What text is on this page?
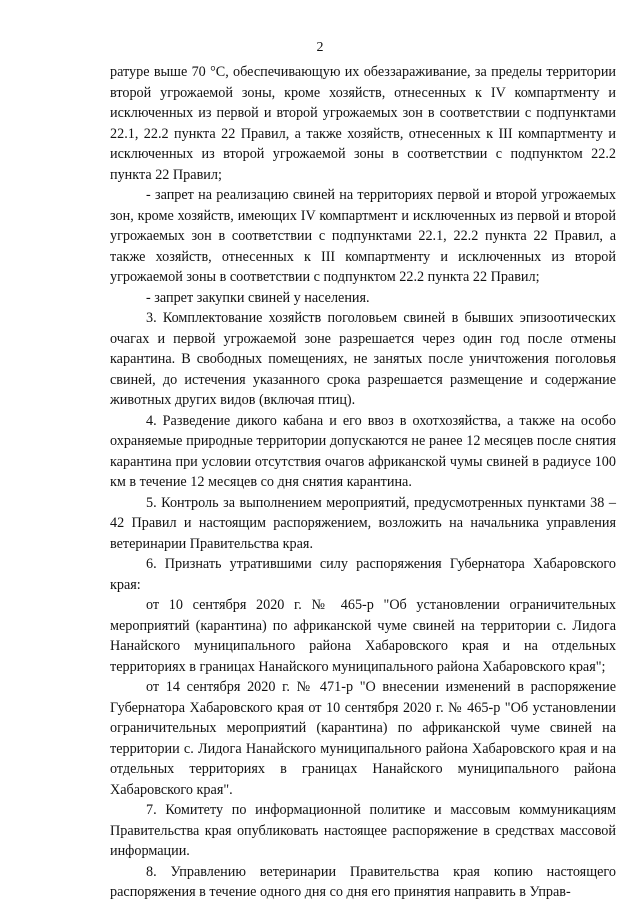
2

ратуре выше 70 °С, обеспечивающую их обеззараживание, за пределы территории второй угрожаемой зоны, кроме хозяйств, отнесенных к IV компартменту и исключенных из первой и второй угрожаемых зон в соответствии с подпунктами 22.1, 22.2 пункта 22 Правил, а также хозяйств, отнесенных к III компартменту и исключенных из второй угрожаемой зоны в соответствии с подпунктом 22.2 пункта 22 Правил;

- запрет на реализацию свиней на территориях первой и второй угрожаемых зон, кроме хозяйств, имеющих IV компартмент и исключенных из первой и второй угрожаемых зон в соответствии с подпунктами 22.1, 22.2 пункта 22 Правил, а также хозяйств, отнесенных к III компартменту и исключенных из второй угрожаемой зоны в соответствии с подпунктом 22.2 пункта 22 Правил;

- запрет закупки свиней у населения.

3. Комплектование хозяйств поголовьем свиней в бывших эпизоотических очагах и первой угрожаемой зоне разрешается через один год после отмены карантина. В свободных помещениях, не занятых после уничтожения поголовья свиней, до истечения указанного срока разрешается размещение и содержание животных других видов (включая птиц).

4. Разведение дикого кабана и его ввоз в охотхозяйства, а также на особо охраняемые природные территории допускаются не ранее 12 месяцев после снятия карантина при условии отсутствия очагов африканской чумы свиней в радиусе 100 км в течение 12 месяцев со дня снятия карантина.

5. Контроль за выполнением мероприятий, предусмотренных пунктами 38 – 42 Правил и настоящим распоряжением, возложить на начальника управления ветеринарии Правительства края.

6. Признать утратившими силу распоряжения Губернатора Хабаровского края:

от 10 сентября 2020 г. № 465-р "Об установлении ограничительных мероприятий (карантина) по африканской чуме свиней на территории с. Лидога Нанайского муниципального района Хабаровского края и на отдельных территориях в границах Нанайского муниципального района Хабаровского края";

от 14 сентября 2020 г. № 471-р "О внесении изменений в распоряжение Губернатора Хабаровского края от 10 сентября 2020 г. № 465-р "Об установлении ограничительных мероприятий (карантина) по африканской чуме свиней на территории с. Лидога Нанайского муниципального района Хабаровского края и на отдельных территориях в границах Нанайского муниципального района Хабаровского края".

7. Комитету по информационной политике и массовым коммуникациям Правительства края опубликовать настоящее распоряжение в средствах массовой информации.

8. Управлению ветеринарии Правительства края копию настоящего распоряжения в течение одного дня со дня его принятия направить в Управ-
